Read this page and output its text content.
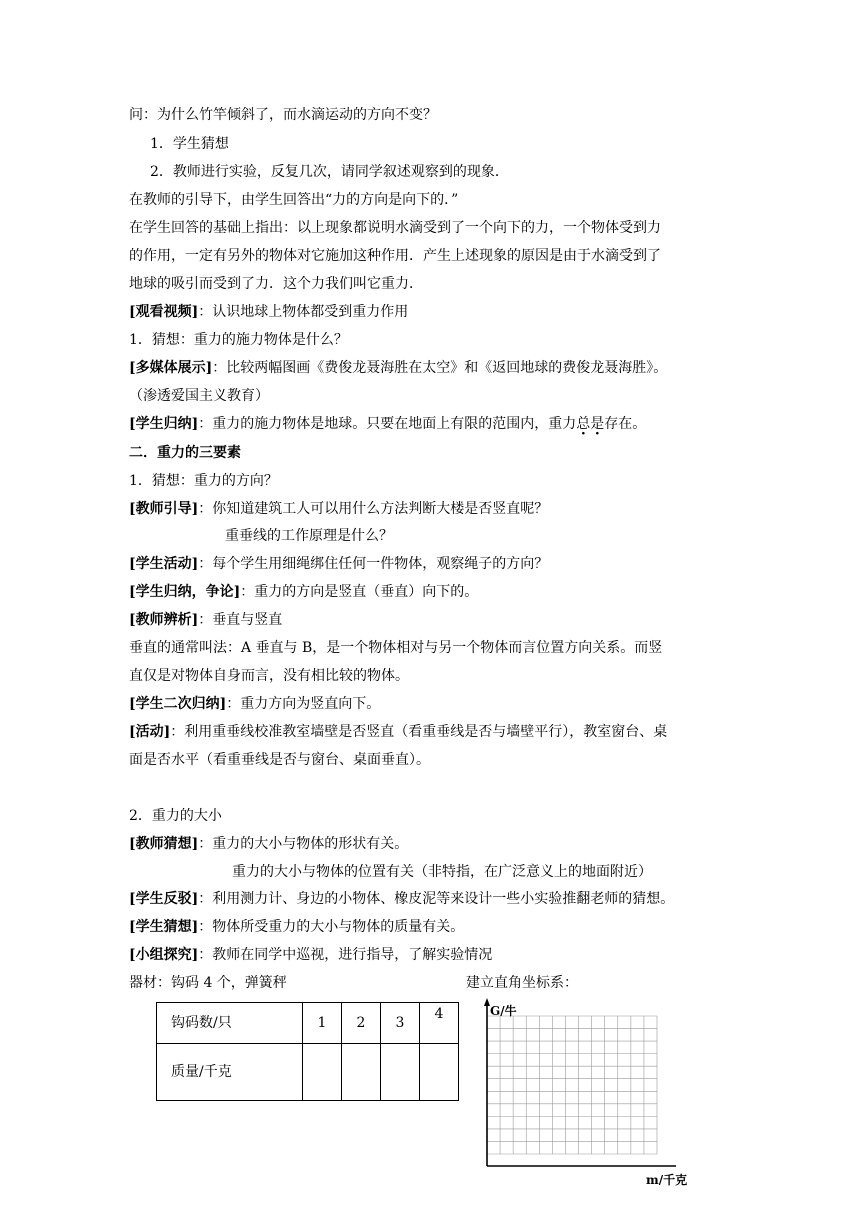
问：为什么竹竿倾斜了，而水滴运动的方向不变？
1．学生猜想
2．教师进行实验，反复几次，请同学叙述观察到的现象．
在教师的引导下，由学生回答出“力的方向是向下的．”
在学生回答的基础上指出：以上现象都说明水滴受到了一个向下的力，一个物体受到力
的作用，一定有另外的物体对它施加这种作用．产生上述现象的原因是由于水滴受到了
地球的吸引而受到了力．这个力我们叫它重力．
[观看视频]：认识地球上物体都受到重力作用
1．猜想：重力的施力物体是什么？
[多媒体展示]：比较两幅图画《费俊龙聂海胜在太空》和《返回地球的费俊龙聂海胜》。
（渗透爱国主义教育）
[学生归纳]：重力的施力物体是地球。只要在地面上有限的范围内，重力总是存在。
二．重力的三要素
1．猜想：重力的方向？
[教师引导]：你知道建筑工人可以用什么方法判断大楼是否竖直呢？
重垂线的工作原理是什么？
[学生活动]：每个学生用细绳绑住任何一件物体，观察绳子的方向？
[学生归纳，争论]：重力的方向是竖直（垂直）向下的。
[教师辨析]：垂直与竖直
垂直的通常叫法：A 垂直与 B，是一个物体相对与另一个物体而言位置方向关系。而竖
直仅是对物体自身而言，没有相比较的物体。
[学生二次归纳]：重力方向为竖直向下。
[活动]：利用重垂线校准教室墙壁是否竖直（看重垂线是否与墙壁平行），教室窗台、桌
面是否水平（看重垂线是否与窗台、桌面垂直）。
2．重力的大小
[教师猜想]：重力的大小与物体的形状有关。
重力的大小与物体的位置有关（非特指，在广泛意义上的地面附近）
[学生反驳]：利用测力计、身边的小物体、橡皮泥等来设计一些小实验推翻老师的猜想。
[学生猜想]：物体所受重力的大小与物体的质量有关。
[小组探究]：教师在同学中巡视，进行指导，了解实验情况
器材：钩码 4 个，弹簧秤	建立直角坐标系：
钩码数/只	1	2	3	4
质量/千克				
G/牛
m/千克
